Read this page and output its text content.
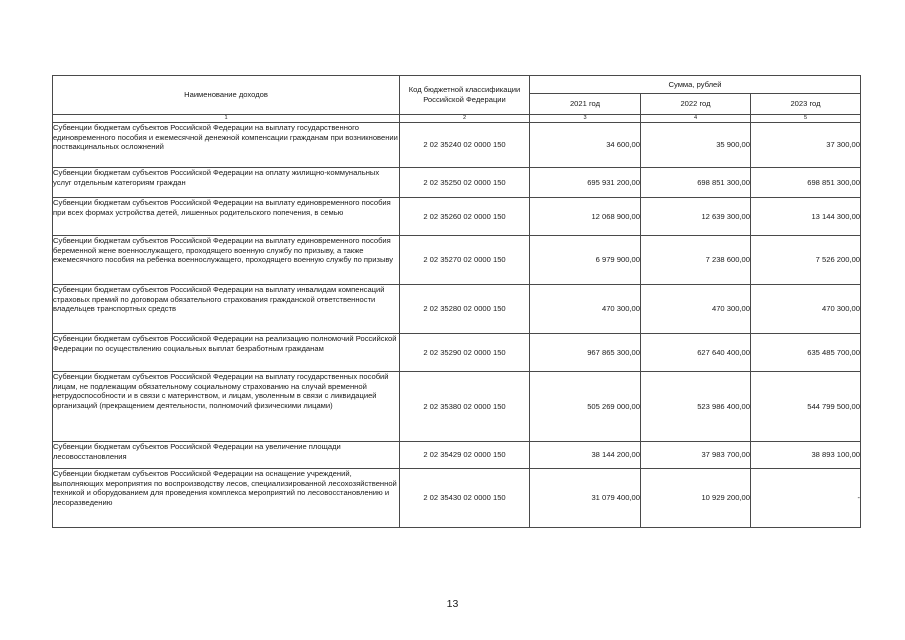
Наименование доходов	Код бюджетной классификации Российской Федерации	Сумма, рублей		
		2021 год	2022 год	2023 год
1	2	3	4	5
Субвенции бюджетам субъектов Российской Федерации на выплату государственного единовременного пособия и ежемесячной денежной компенсации гражданам при возникновении поствакцинальных осложнений	2 02 35240 02 0000 150	34 600,00	35 900,00	37 300,00
Субвенции бюджетам субъектов Российской Федерации на оплату жилищно-коммунальных услуг отдельным категориям граждан	2 02 35250 02 0000 150	695 931 200,00	698 851 300,00	698 851 300,00
Субвенции бюджетам субъектов Российской Федерации на выплату единовременного пособия при всех формах устройства детей, лишенных родительского попечения, в семью	2 02 35260 02 0000 150	12 068 900,00	12 639 300,00	13 144 300,00
Субвенции бюджетам субъектов Российской Федерации на выплату единовременного пособия беременной жене военнослужащего, проходящего военную службу по призыву, а также ежемесячного пособия на ребенка военнослужащего, проходящего военную службу по призыву	2 02 35270 02 0000 150	6 979 900,00	7 238 600,00	7 526 200,00
Субвенции бюджетам субъектов Российской Федерации на выплату инвалидам компенсаций страховых премий по договорам обязательного страхования гражданской ответственности владельцев транспортных средств	2 02 35280 02 0000 150	470 300,00	470 300,00	470 300,00
Субвенции бюджетам субъектов Российской Федерации на реализацию полномочий Российской Федерации по осуществлению социальных выплат безработным гражданам	2 02 35290 02 0000 150	967 865 300,00	627 640 400,00	635 485 700,00
Субвенции бюджетам субъектов Российской Федерации на выплату государственных пособий лицам, не подлежащим обязательному социальному страхованию на случай временной нетрудоспособности и в связи с материнством, и лицам, уволенным в связи с ликвидацией организаций (прекращением деятельности, полномочий физическими лицами)	2 02 35380 02 0000 150	505 269 000,00	523 986 400,00	544 799 500,00
Субвенции бюджетам субъектов Российской Федерации на увеличение площади лесовосстановления	2 02 35429 02 0000 150	38 144 200,00	37 983 700,00	38 893 100,00
Субвенции бюджетам субъектов Российской Федерации на оснащение учреждений, выполняющих мероприятия по воспроизводству лесов, специализированной лесохозяйственной техникой и оборудованием для проведения комплекса мероприятий по лесовосстановлению и лесоразведению	2 02 35430 02 0000 150	31 079 400,00	10 929 200,00	-
13
